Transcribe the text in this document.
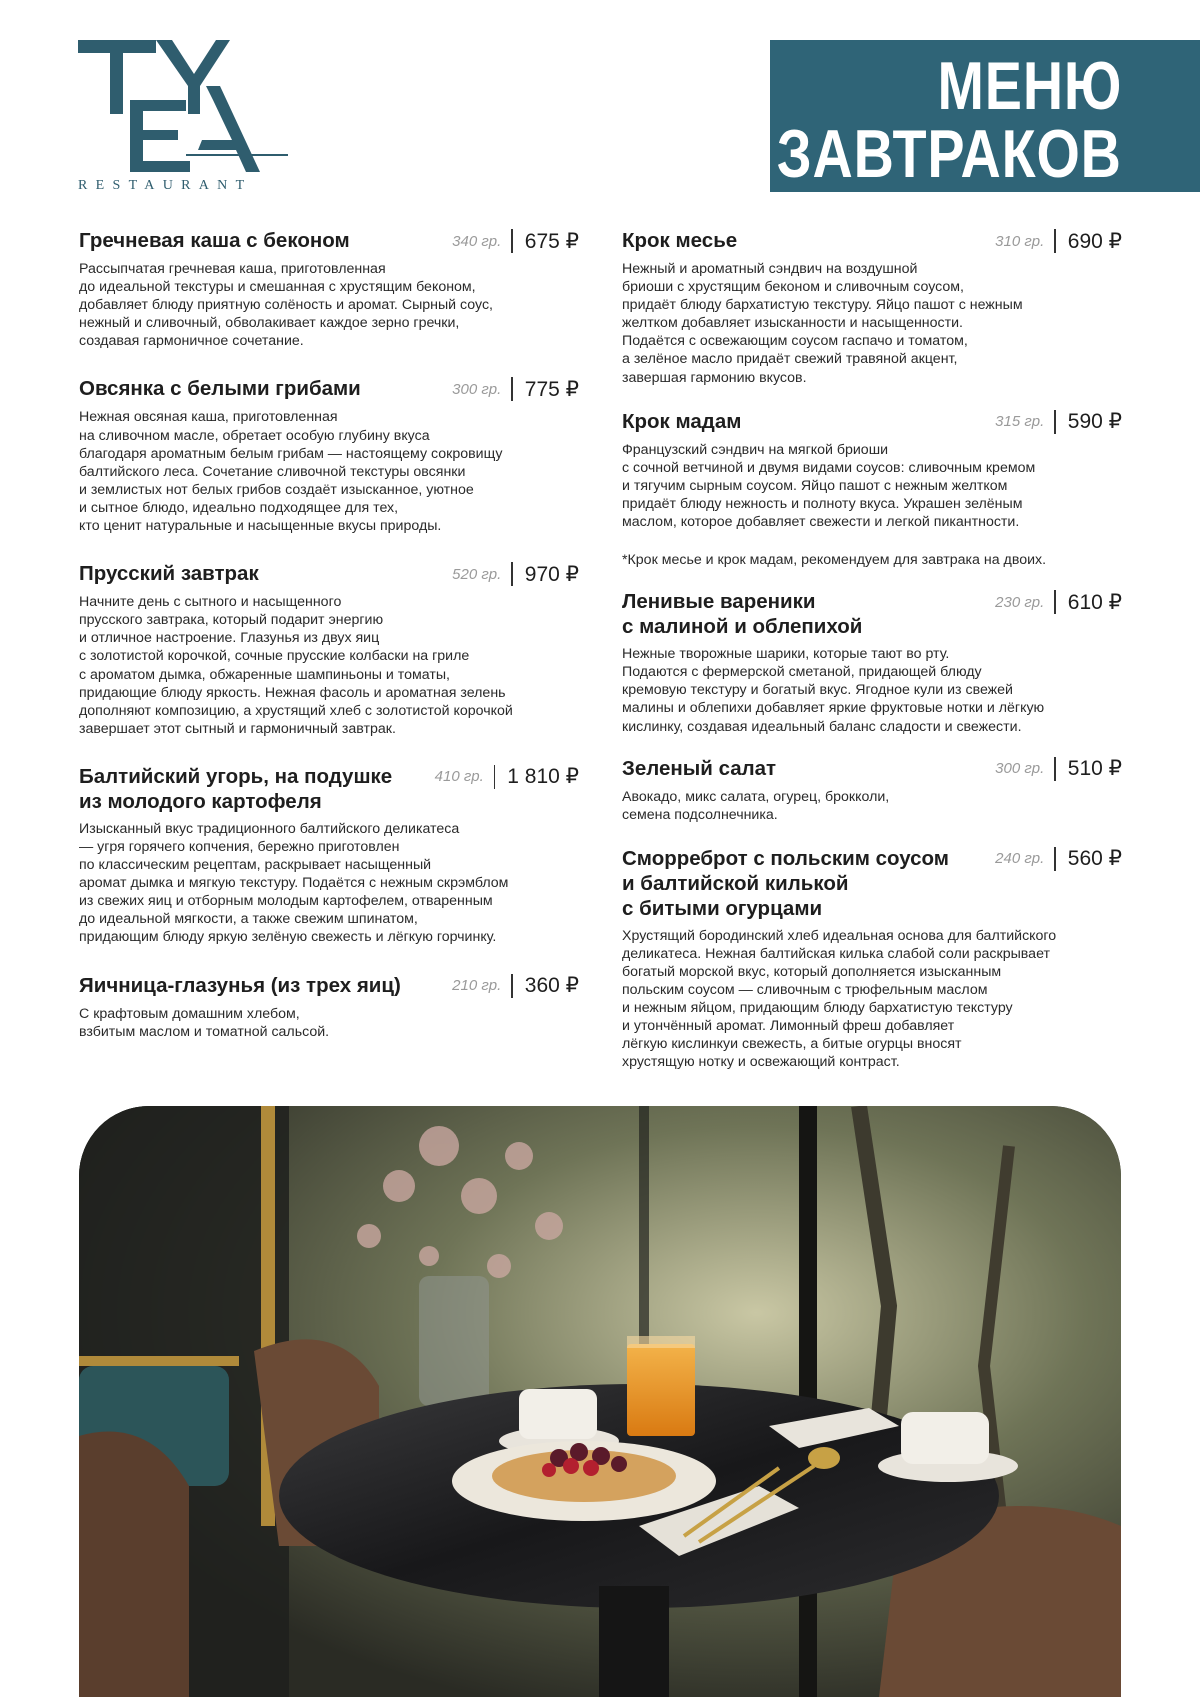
RESTAURANT
МЕНЮ
ЗАВТРАКОВ
Гречневая каша с беконом	340 гр.	675 ₽
Рассыпчатая гречневая каша, приготовленная
до идеальной текстуры и смешанная с хрустящим беконом,
добавляет блюду приятную солёность и аромат. Сырный соус,
нежный и сливочный, обволакивает каждое зерно гречки,
создавая гармоничное сочетание.
Овсянка с белыми грибами	300 гр.	775 ₽
Нежная овсяная каша, приготовленная
на сливочном масле, обретает особую глубину вкуса
благодаря ароматным белым грибам — настоящему сокровищу
балтийского леса. Сочетание сливочной текстуры овсянки
и землистых нот белых грибов создаёт изысканное, уютное
и сытное блюдо, идеально подходящее для тех,
кто ценит натуральные и насыщенные вкусы природы.
Прусский завтрак	520 гр.	970 ₽
Начните день с сытного и насыщенного
прусского завтрака, который подарит энергию
и отличное настроение. Глазунья из двух яиц
с золотистой корочкой, сочные прусские колбаски на гриле
с ароматом дымка, обжаренные шампиньоны и томаты,
придающие блюду яркость. Нежная фасоль и ароматная зелень
дополняют композицию, а хрустящий хлеб с золотистой корочкой
завершает этот сытный и гармоничный завтрак.
Балтийский угорь, на подушке
из молодого картофеля
410 гр.	1 810 ₽
Изысканный вкус традиционного балтийского деликатеса
— угря горячего копчения, бережно приготовлен
по классическим рецептам, раскрывает насыщенный
аромат дымка и мягкую текстуру. Подаётся с нежным скрэмблом
из свежих яиц и отборным молодым картофелем, отваренным
до идеальной мягкости, а также свежим шпинатом,
придающим блюду яркую зелёную свежесть и лёгкую горчинку.
Яичница-глазунья (из трех яиц)	210 гр.	360 ₽
С крафтовым домашним хлебом,
взбитым маслом и томатной сальсой.
Крок месье	310 гр.	690 ₽
Нежный и ароматный сэндвич на воздушной
бриоши с хрустящим беконом и сливочным соусом,
придаёт блюду бархатистую текстуру. Яйцо пашот с нежным
желтком добавляет изысканности и насыщенности.
Подаётся с освежающим соусом гаспачо и томатом,
а зелёное масло придаёт свежий травяной акцент,
завершая гармонию вкусов.
Крок мадам	315 гр.	590 ₽
Французский сэндвич на мягкой бриоши
с сочной ветчиной и двумя видами соусов: сливочным кремом
и тягучим сырным соусом. Яйцо пашот с нежным желтком
придаёт блюду нежность и полноту вкуса. Украшен зелёным
маслом, которое добавляет свежести и легкой пикантности.
*Крок месье и крок мадам, рекомендуем для завтрака на двоих.
Ленивые вареники
с малиной и облепихой
230 гр.	610 ₽
Нежные творожные шарики, которые тают во рту.
Подаются с фермерской сметаной, придающей блюду
кремовую текстуру и богатый вкус. Ягодное кули из свежей
малины и облепихи добавляет яркие фруктовые нотки и лёгкую
кислинку, создавая идеальный баланс сладости и свежести.
Зеленый салат	300 гр.	510 ₽
Авокадо, микс салата, огурец, брокколи,
семена подсолнечника.
Сморреброт с польским соусом
и балтийской килькой
с битыми огурцами
240 гр.	560 ₽
Хрустящий бородинский хлеб идеальная основа для балтийского
деликатеса. Нежная балтийская килька слабой соли раскрывает
богатый морской вкус, который дополняется изысканным
польским соусом — сливочным с трюфельным маслом
и нежным яйцом, придающим блюду бархатистую текстуру
и утончённый аромат. Лимонный фреш добавляет
лёгкую кислинкуи свежесть, а битые огурцы вносят
хрустящую нотку и освежающий контраст.
